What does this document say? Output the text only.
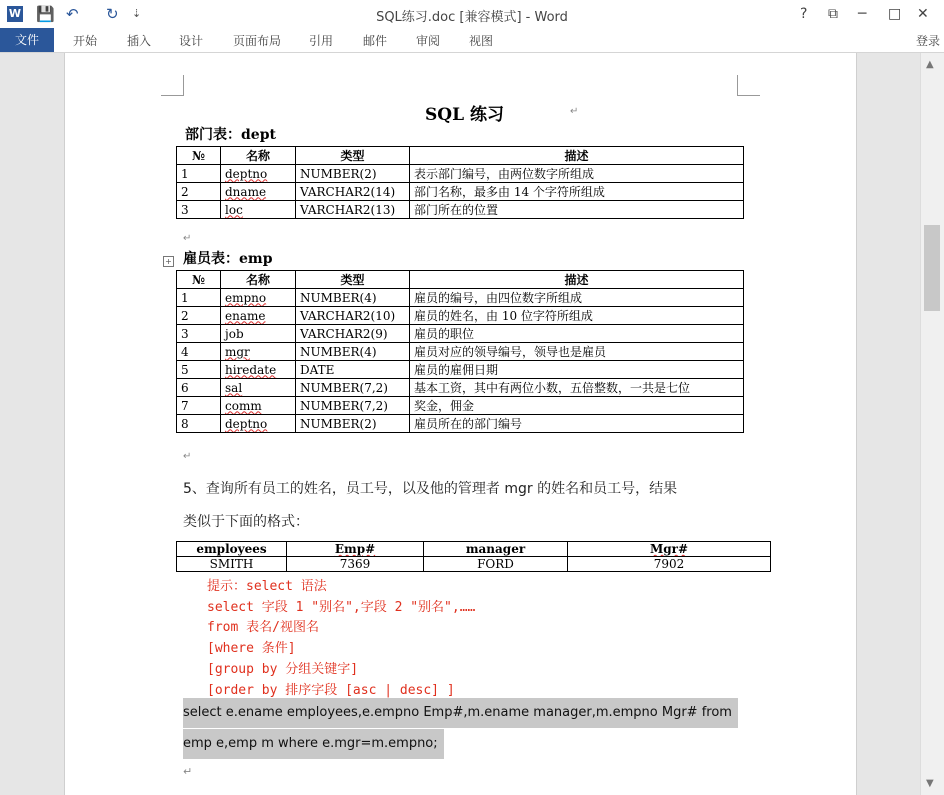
W 💾 ↶ ↻ ⇣	SQL练习.doc [兼容模式] - Word	? ⧉ ─ □ ✕
文件	开始 插入 设计 页面布局 引用 邮件 审阅 视图	登录
SQL 练习	↵
部门表：dept
№	名称	类型	描述
1	deptno	NUMBER(2)	表示部门编号，由两位数字所组成
2	dname	VARCHAR2(14)	部门名称，最多由 14 个字符所组成
3	loc	VARCHAR2(13)	部门所在的位置
↵
+ 雇员表：emp
№	名称	类型	描述
1	empno	NUMBER(4)	雇员的编号，由四位数字所组成
2	ename	VARCHAR2(10)	雇员的姓名，由 10 位字符所组成
3	job	VARCHAR2(9)	雇员的职位
4	mgr	NUMBER(4)	雇员对应的领导编号，领导也是雇员
5	hiredate	DATE	雇员的雇佣日期
6	sal	NUMBER(7,2)	基本工资，其中有两位小数，五倍整数，一共是七位
7	comm	NUMBER(7,2)	奖金，佣金
8	deptno	NUMBER(2)	雇员所在的部门编号
↵
5、查询所有员工的姓名，员工号，以及他的管理者 mgr 的姓名和员工号，结果
类似于下面的格式：
employees	Emp#	manager	Mgr#
SMITH	7369	FORD	7902
提示：select 语法
select 字段 1 "别名",字段 2 "别名",……
from 表名/视图名
[where 条件]
[group by 分组关键字]
[order by 排序字段 [asc | desc] ]
select e.ename employees,e.empno Emp#,m.ename manager,m.empno Mgr# from
emp e,emp m where e.mgr=m.empno;
↵
▲
▼
